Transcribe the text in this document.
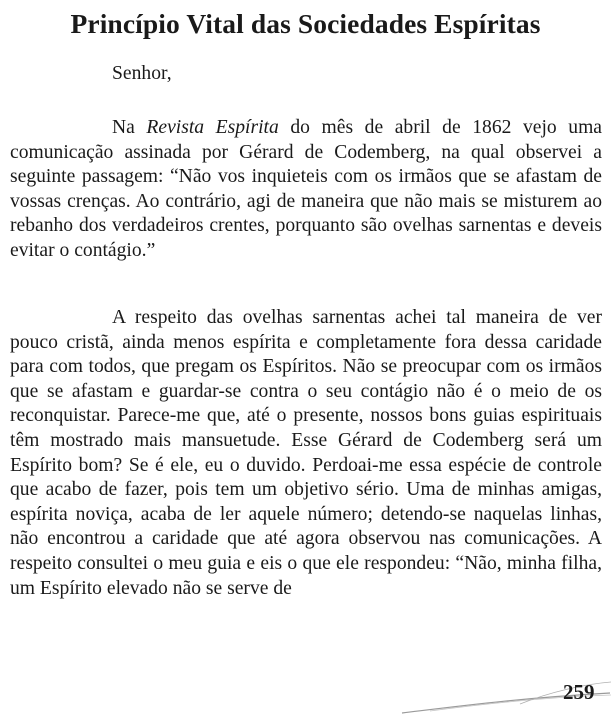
Princípio Vital das Sociedades Espíritas

Senhor,

Na Revista Espírita do mês de abril de 1862 vejo uma comunicação assinada por Gérard de Codemberg, na qual observei a seguinte passagem: “Não vos inquieteis com os irmãos que se afastam de vossas crenças. Ao contrário, agi de maneira que não mais se misturem ao rebanho dos verdadeiros crentes, porquanto são ovelhas sarnentas e deveis evitar o contágio.”

A respeito das ovelhas sarnentas achei tal maneira de ver pouco cristã, ainda menos espírita e completamente fora dessa caridade para com todos, que pregam os Espíritos. Não se preocupar com os irmãos que se afastam e guardar-se contra o seu contágio não é o meio de os reconquistar. Parece-me que, até o presente, nossos bons guias espirituais têm mostrado mais mansuetude. Esse Gérard de Codemberg será um Espírito bom? Se é ele, eu o duvido. Perdoai-me essa espécie de controle que acabo de fazer, pois tem um objetivo sério. Uma de minhas amigas, espírita noviça, acaba de ler aquele número; detendo-se naquelas linhas, não encontrou a caridade que até agora observou nas comunicações. A respeito consultei o meu guia e eis o que ele respondeu: “Não, minha filha, um Espírito elevado não se serve de

259
